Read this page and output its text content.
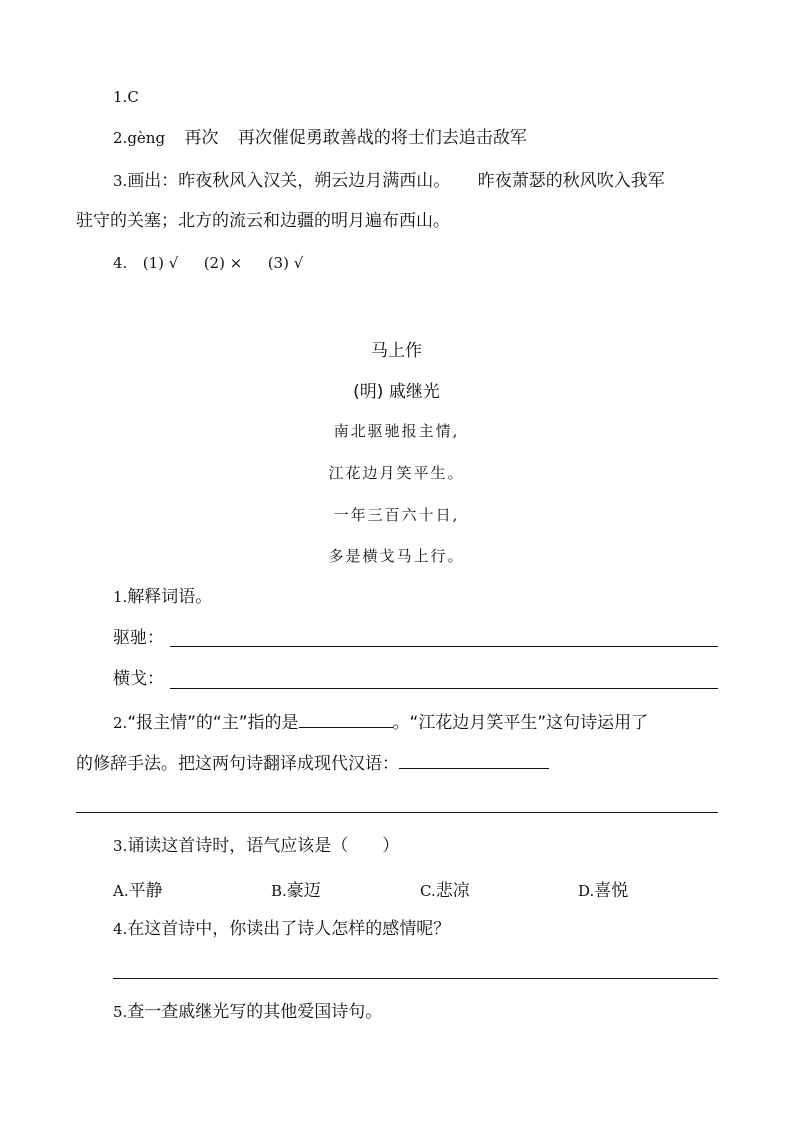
1.C
2.gèng 再次 再次催促勇敢善战的将士们去追击敌军
3.画出：昨夜秋风入汉关，朔云边月满西山。 昨夜萧瑟的秋风吹入我军
驻守的关塞；北方的流云和边疆的明月遍布西山。
4. (1) √ (2) × (3) √
马上作
(明) 戚继光
南北驱驰报主情,
江花边月笑平生。
一年三百六十日,
多是横戈马上行。
1.解释词语。
驱驰：
横戈：
2.“报主情”的“主”指的是	。“江花边月笑平生”这句诗运用了
的修辞手法。把这两句诗翻译成现代汉语：
3.诵读这首诗时，语气应该是（　　）
A.平静	B.豪迈	C.悲凉	D.喜悦
4.在这首诗中，你读出了诗人怎样的感情呢？
5.查一查戚继光写的其他爱国诗句。
